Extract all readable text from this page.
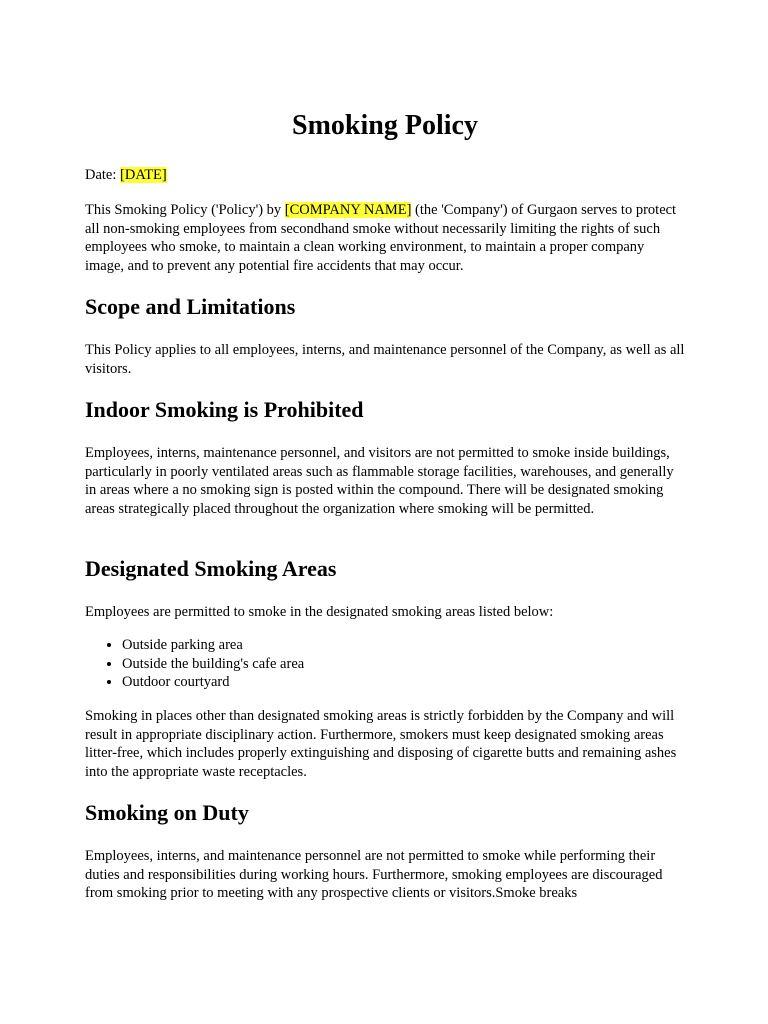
Smoking Policy

Date: [DATE]

This Smoking Policy ('Policy') by [COMPANY NAME] (the 'Company') of Gurgaon serves to protect all non-smoking employees from secondhand smoke without necessarily limiting the rights of such employees who smoke, to maintain a clean working environment, to maintain a proper company image, and to prevent any potential fire accidents that may occur.

Scope and Limitations

This Policy applies to all employees, interns, and maintenance personnel of the Company, as well as all visitors.

Indoor Smoking is Prohibited

Employees, interns, maintenance personnel, and visitors are not permitted to smoke inside buildings, particularly in poorly ventilated areas such as flammable storage facilities, warehouses, and generally in areas where a no smoking sign is posted within the compound. There will be designated smoking areas strategically placed throughout the organization where smoking will be permitted.

Designated Smoking Areas

Employees are permitted to smoke in the designated smoking areas listed below:

• Outside parking area
• Outside the building's cafe area
• Outdoor courtyard

Smoking in places other than designated smoking areas is strictly forbidden by the Company and will result in appropriate disciplinary action. Furthermore, smokers must keep designated smoking areas litter-free, which includes properly extinguishing and disposing of cigarette butts and remaining ashes into the appropriate waste receptacles.

Smoking on Duty

Employees, interns, and maintenance personnel are not permitted to smoke while performing their duties and responsibilities during working hours. Furthermore, smoking employees are discouraged from smoking prior to meeting with any prospective clients or visitors.Smoke breaks
